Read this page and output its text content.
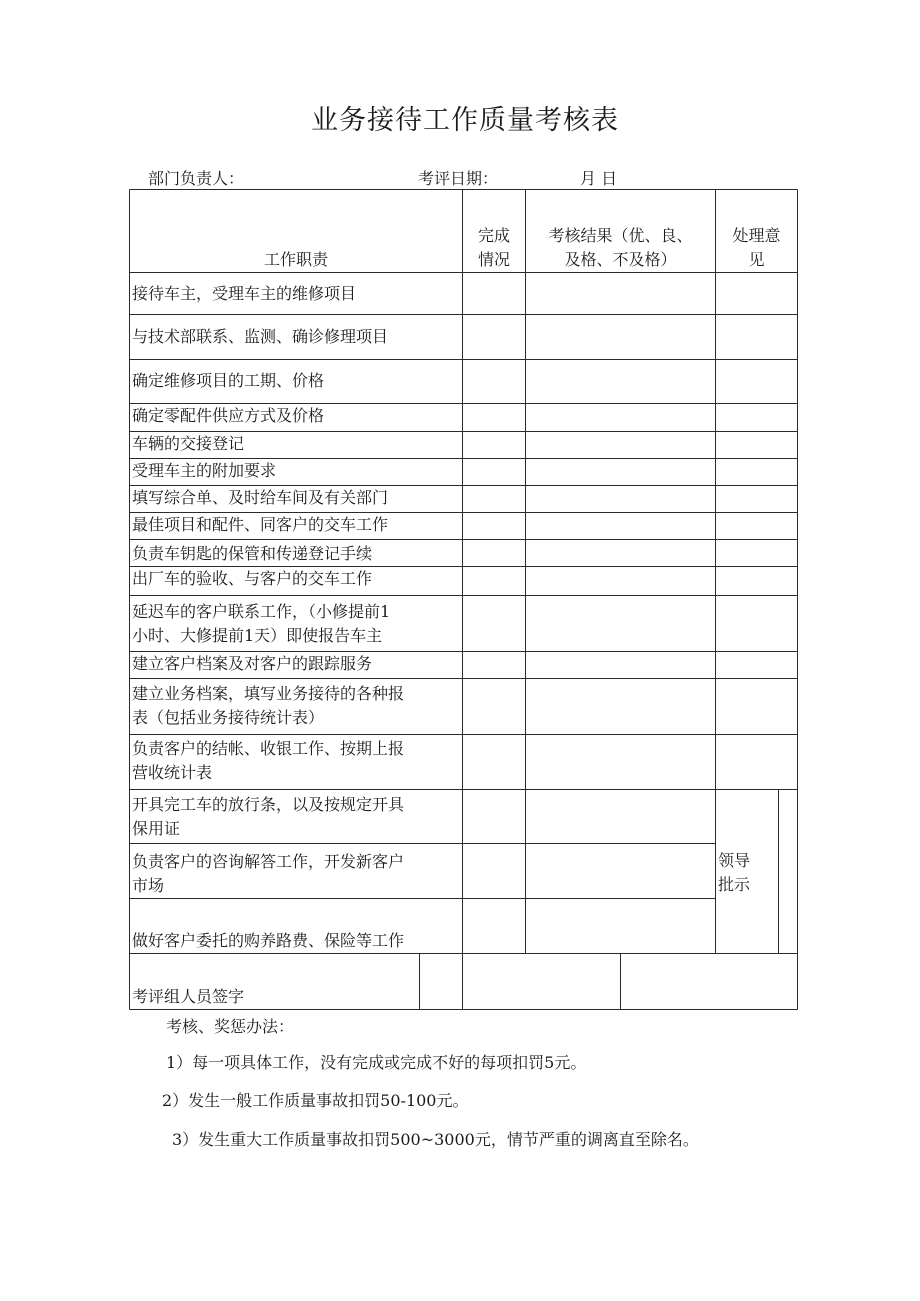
业务接待工作质量考核表
部门负责人：	考评日期：	月 日
工作职责
完成
情况
考核结果（优、良、
及格、不及格）
处理意
见
接待车主，受理车主的维修项目
与技术部联系、监测、确诊修理项目
确定维修项目的工期、价格
确定零配件供应方式及价格
车辆的交接登记
受理车主的附加要求
填写综合单、及时给车间及有关部门
最佳项目和配件、同客户的交车工作
负责车钥匙的保管和传递登记手续
出厂车的验收、与客户的交车工作
延迟车的客户联系工作，（小修提前1
小时、大修提前1天）即使报告车主
建立客户档案及对客户的跟踪服务
建立业务档案，填写业务接待的各种报
表（包括业务接待统计表）
负责客户的结帐、收银工作、按期上报
营收统计表
开具完工车的放行条，以及按规定开具
保用证
负责客户的咨询解答工作，开发新客户
市场
做好客户委托的购养路费、保险等工作
领导
批示
考评组人员签字
考核、奖惩办法：
1）每一项具体工作，没有完成或完成不好的每项扣罚5元。
2）发生一般工作质量事故扣罚50-100元。
3）发生重大工作质量事故扣罚500~3000元，情节严重的调离直至除名。
